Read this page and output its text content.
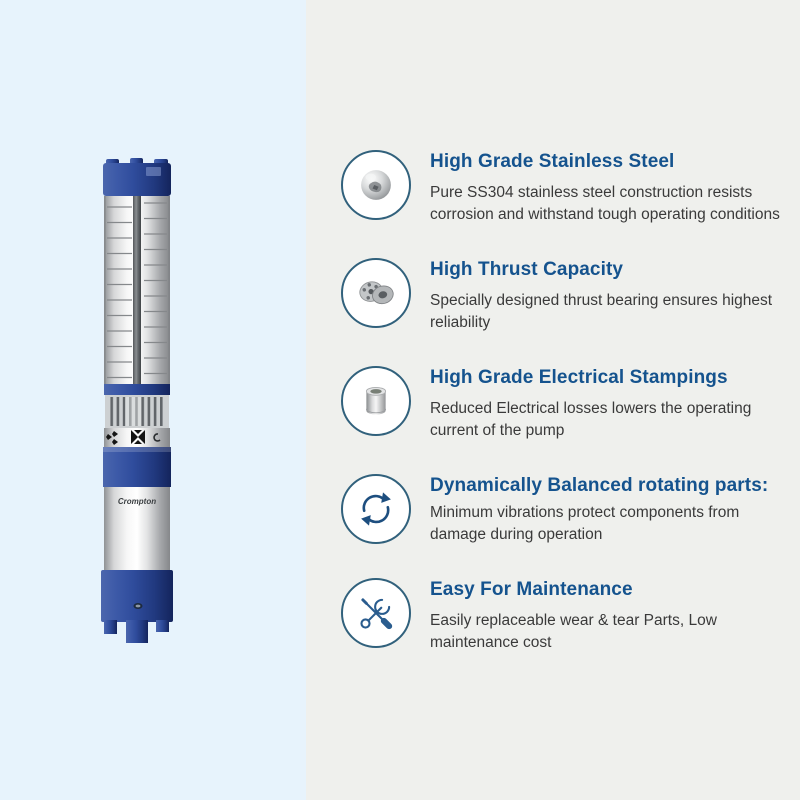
Crompton
High Grade Stainless Steel

Pure SS304 stainless steel construction resists corrosion and withstand tough operating conditions

High Thrust Capacity

Specially designed thrust bearing ensures highest reliability

High Grade Electrical Stampings

Reduced Electrical losses lowers the operating current of the pump

Dynamically Balanced rotating parts:

Minimum vibrations protect components from damage during operation

Easy For Maintenance

Easily replaceable wear & tear Parts, Low maintenance cost
